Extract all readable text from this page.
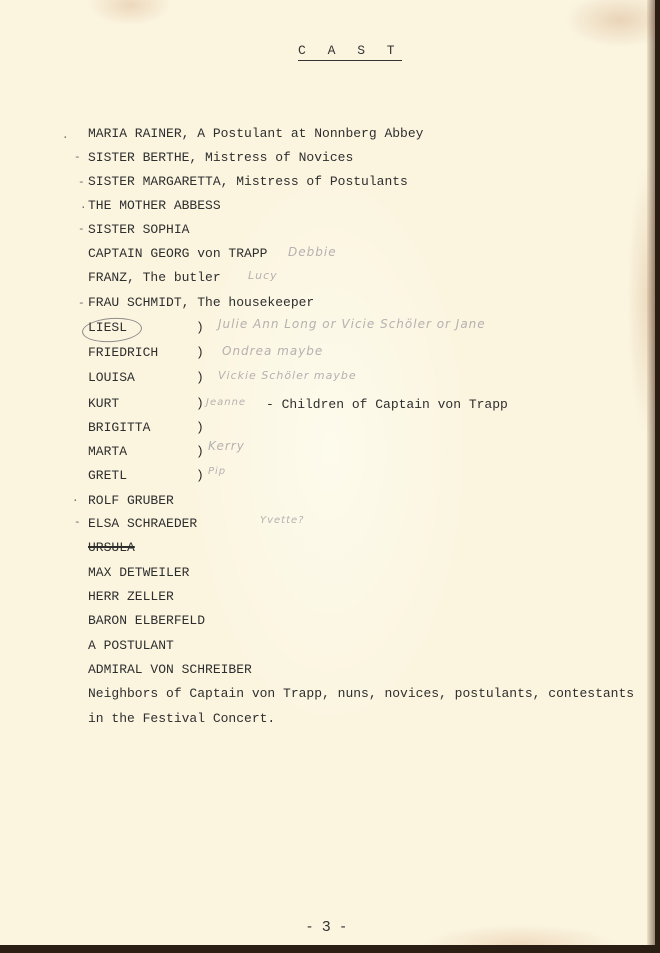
C A S T
.
-
-
.
-
-
.
-
MARIA RAINER, A Postulant at Nonnberg Abbey
SISTER BERTHE, Mistress of Novices
SISTER MARGARETTA, Mistress of Postulants
THE MOTHER ABBESS
SISTER SOPHIA
CAPTAIN GEORG von TRAPP
FRANZ, The butler
FRAU SCHMIDT, The housekeeper
LIESL
FRIEDRICH
LOUISA
KURT
BRIGITTA
MARTA
GRETL
)
)
)
)
)
)
)
- Children of Captain von Trapp
ROLF GRUBER
ELSA SCHRAEDER
URSULA
MAX DETWEILER
HERR ZELLER
BARON ELBERFELD
A POSTULANT
ADMIRAL VON SCHREIBER
Neighbors of Captain von Trapp, nuns, novices, postulants, contestants
in the Festival Concert.
Debbie
Lucy
Julie Ann Long or Vicie Schöler or Jane
Ondrea maybe
Vickie Schöler maybe
Jeanne
Kerry
Pip
Yvette?
- 3 -
